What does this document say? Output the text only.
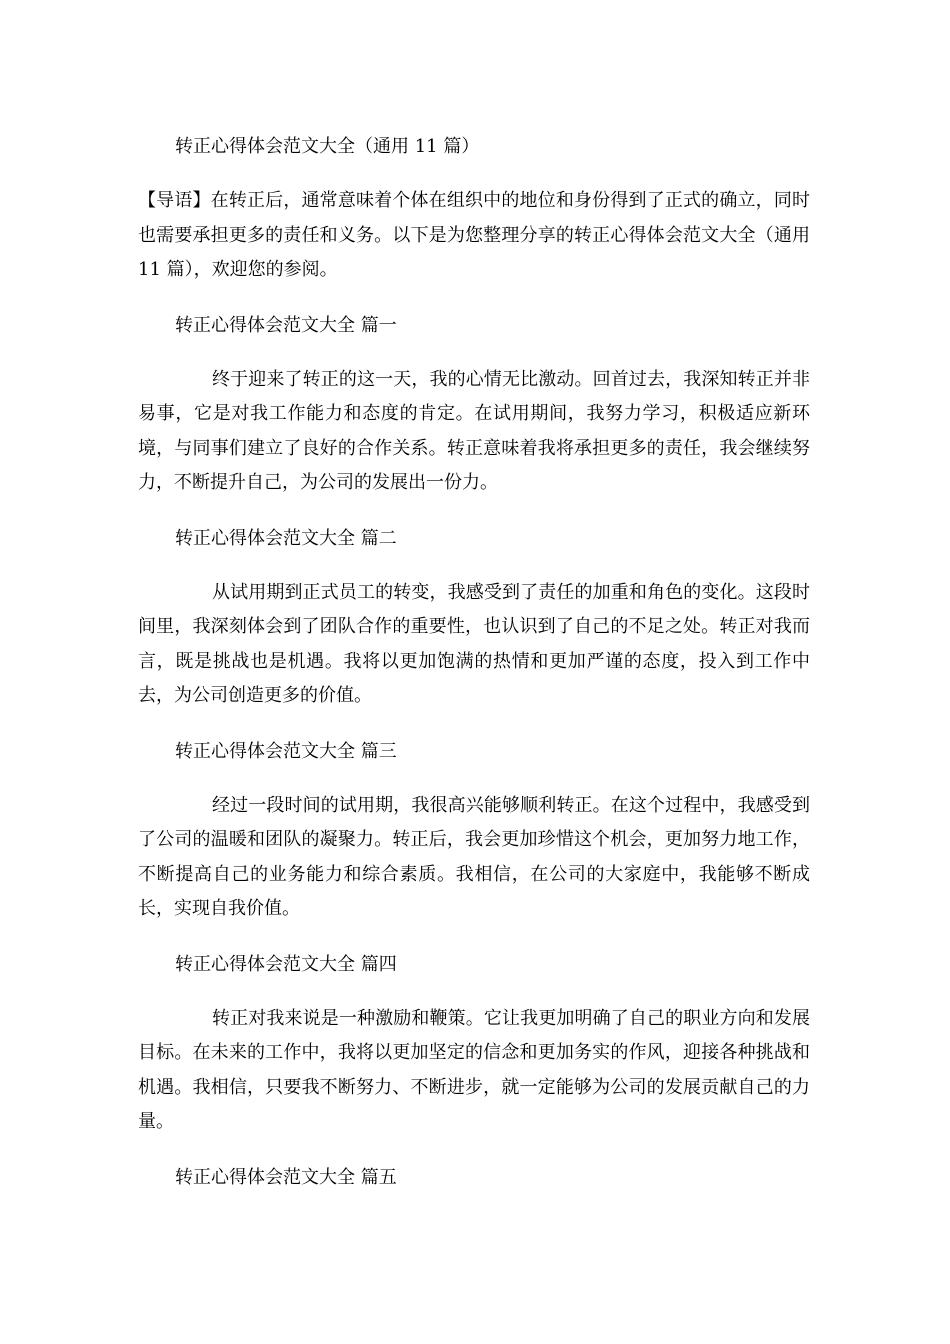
转正心得体会范文大全（通用 11 篇）

【导语】在转正后，通常意味着个体在组织中的地位和身份得到了正式的确立，同时也需要承担更多的责任和义务。以下是为您整理分享的转正心得体会范文大全（通用 11 篇），欢迎您的参阅。

转正心得体会范文大全 篇一

终于迎来了转正的这一天，我的心情无比激动。回首过去，我深知转正并非易事，它是对我工作能力和态度的肯定。在试用期间，我努力学习，积极适应新环境，与同事们建立了良好的合作关系。转正意味着我将承担更多的责任，我会继续努力，不断提升自己，为公司的发展出一份力。

转正心得体会范文大全 篇二

从试用期到正式员工的转变，我感受到了责任的加重和角色的变化。这段时间里，我深刻体会到了团队合作的重要性，也认识到了自己的不足之处。转正对我而言，既是挑战也是机遇。我将以更加饱满的热情和更加严谨的态度，投入到工作中去，为公司创造更多的价值。

转正心得体会范文大全 篇三

经过一段时间的试用期，我很高兴能够顺利转正。在这个过程中，我感受到了公司的温暖和团队的凝聚力。转正后，我会更加珍惜这个机会，更加努力地工作，不断提高自己的业务能力和综合素质。我相信，在公司的大家庭中，我能够不断成长，实现自我价值。

转正心得体会范文大全 篇四

转正对我来说是一种激励和鞭策。它让我更加明确了自己的职业方向和发展目标。在未来的工作中，我将以更加坚定的信念和更加务实的作风，迎接各种挑战和机遇。我相信，只要我不断努力、不断进步，就一定能够为公司的发展贡献自己的力量。

转正心得体会范文大全 篇五
